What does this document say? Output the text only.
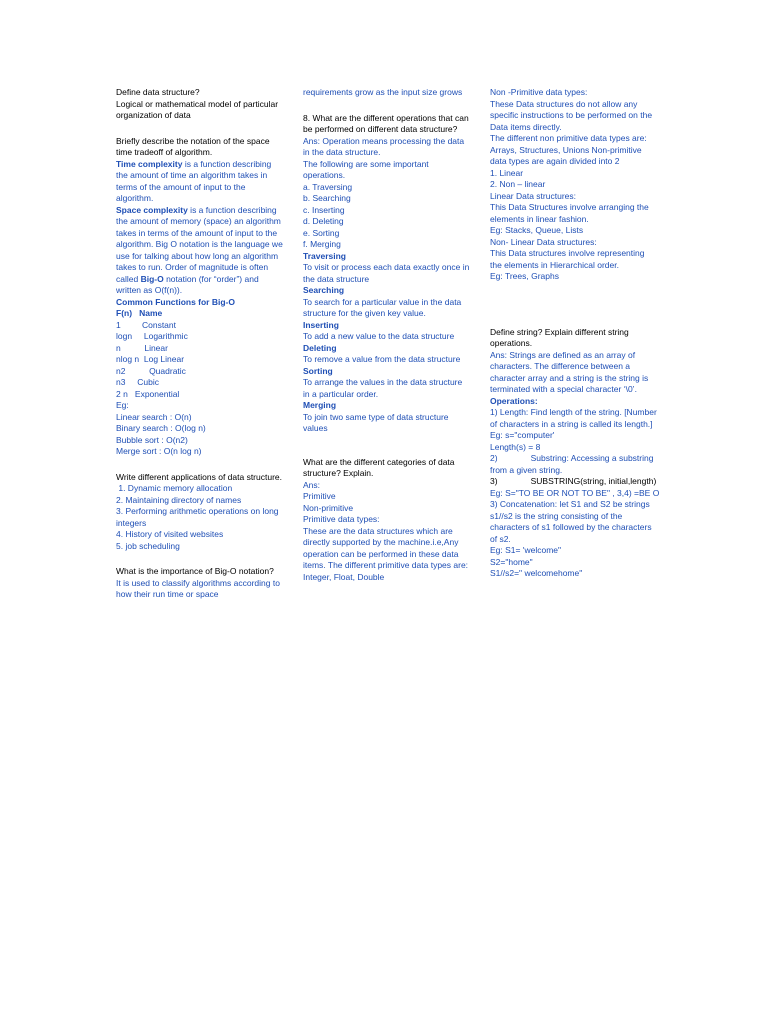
Define data structure?

Logical or mathematical model of particular organization of data

Briefly describe the notation of the space time tradeoff of algorithm.

Time complexity is a function describing the amount of time an algorithm takes in terms of the amount of input to the algorithm.

Space complexity is a function describing the amount of memory (space) an algorithm takes in terms of the amount of input to the algorithm. Big O notation is the language we use for talking about how long an algorithm takes to run. Order of magnitude is often called Big-O notation (for “order”) and written as O(f(n)).

Common Functions for Big-O

F(n)   Name

1         Constant

logn     Logarithmic

n          Linear

nlog n  Log Linear

n2          Quadratic

n3     Cubic

2 n   Exponential

Eg:

Linear search : O(n)

Binary search : O(log n)

Bubble sort : O(n2)

Merge sort : O(n log n)

Write different applications of data structure.

1. Dynamic memory allocation

2. Maintaining directory of names

3. Performing arithmetic operations on long integers

4. History of visited websites

5. job scheduling

What is the importance of Big-O notation?

It is used to classify algorithms according to how their run time or space

requirements grow as the input size grows

8. What are the different operations that can be performed on different data structure?

Ans: Operation means processing the data in the data structure.

The following are some important operations.

a. Traversing

b. Searching

c. Inserting

d. Deleting

e. Sorting

f. Merging

Traversing

To visit or process each data exactly once in the data structure

Searching

To search for a particular value in the data structure for the given key value.

Inserting

To add a new value to the data structure

Deleting

To remove a value from the data structure

Sorting

To arrange the values in the data structure in a particular order.

Merging

To join two same type of data structure values

What are the different categories of data structure? Explain.

Ans:

Primitive

Non-primitive

Primitive data types:

These are the data structures which are directly supported by the machine.i.e,Any operation can be performed in these data items. The different primitive data types are: Integer, Float, Double

Non -Primitive data types:

These Data structures do not allow any specific instructions to be performed on the Data items directly.

The different non primitive data types are: Arrays, Structures, Unions Non-primitive data types are again divided into 2

1. Linear

2. Non – linear

Linear Data structures:

This Data Structures involve arranging the elements in linear fashion.

Eg: Stacks, Queue, Lists

Non- Linear Data structures:

This Data structures involve representing the elements in Hierarchical order.

Eg: Trees, Graphs

Define string? Explain different string operations.

Ans: Strings are defined as an array of characters. The difference between a

character array and a string is the string is terminated with a special character ‘\0’.

Operations:

1) Length: Find length of the string. [Number of characters in a string is called its length.]

Eg: s="computer'

Length(s) = 8

2)              Substring: Accessing a substring from a given string.

3)              SUBSTRING(string, initial,length)

Eg: S="TO BE OR NOT TO BE" , 3,4) =BE O

3) Concatenation: let S1 and S2 be strings s1//s2 is the string consisting of the characters of s1 followed by the characters of s2.

Eg: S1= 'welcome"

S2="home"

S1//s2=" welcomehome"
